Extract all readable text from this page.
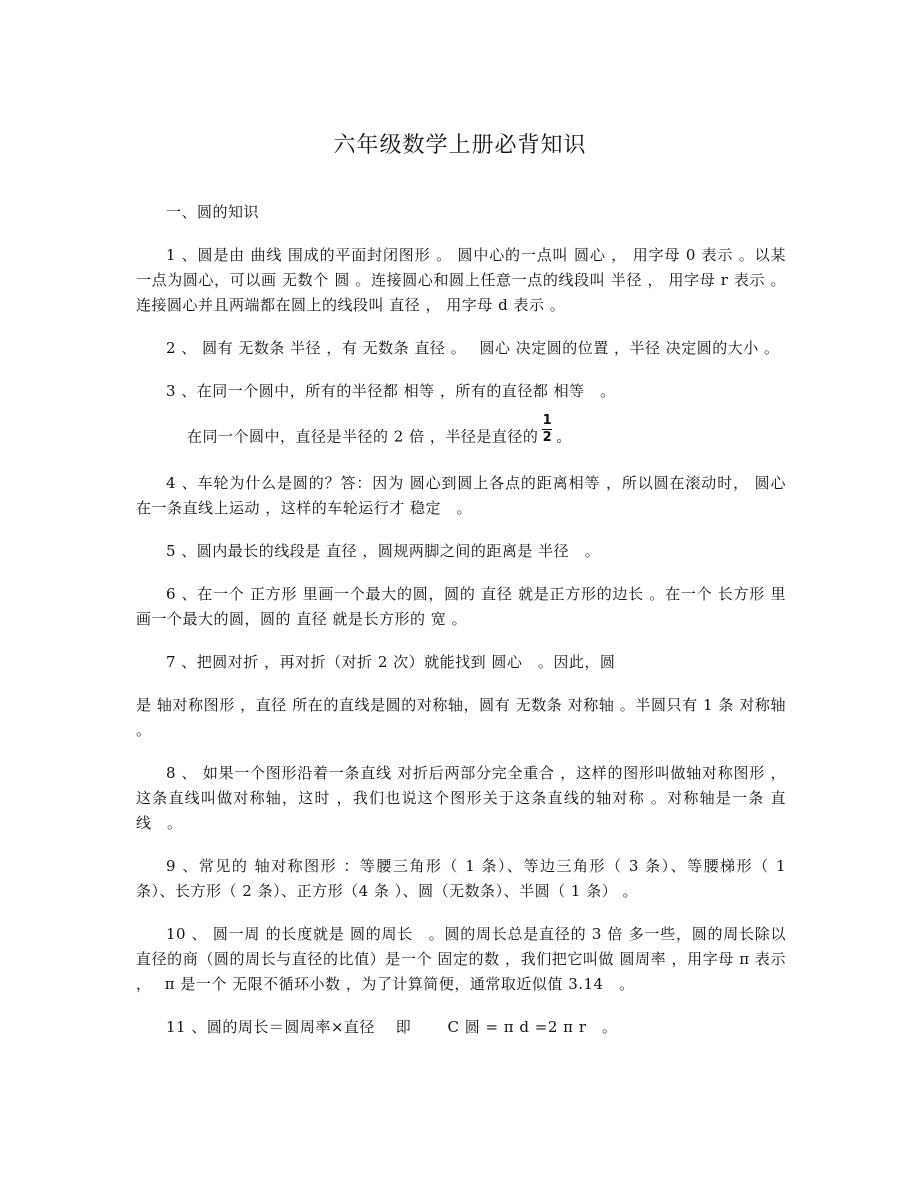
六年级数学上册必背知识

一、圆的知识

1 、圆是由 曲线 围成的平面封闭图形 。 圆中心的一点叫 圆心 ， 用字母 0 表示 。以某一点为圆心，可以画 无数个 圆 。连接圆心和圆上任意一点的线段叫 半径 ， 用字母 r 表示 。连接圆心并且两端都在圆上的线段叫 直径 ， 用字母 d 表示 。

2 、 圆有 无数条 半径 ，有 无数条 直径 。　 圆心 决定圆的位置 ，半径 决定圆的大小 。

3 、在同一个圆中，所有的半径都 相等 ，所有的直径都 相等　。

在同一个圆中，直径是半径的 2 倍 ，半径是直径的 $\frac{1}{2}$ 。

4 、车轮为什么是圆的？答：因为 圆心到圆上各点的距离相等 ，所以圆在滚动时， 圆心在一条直线上运动 ，这样的车轮运行才 稳定　。

5 、圆内最长的线段是 直径 ，圆规两脚之间的距离是 半径　。

6 、在一个 正方形 里画一个最大的圆，圆的 直径 就是正方形的边长 。在一个 长方形 里画一个最大的圆，圆的 直径 就是长方形的 宽 。

7 、把圆对折 ，再对折（对折 2 次）就能找到 圆心　。因此，圆

是 轴对称图形 ，直径 所在的直线是圆的对称轴，圆有 无数条 对称轴 。半圆只有 1 条 对称轴 。

8 、 如果一个图形沿着一条直线 对折后两部分完全重合 ，这样的图形叫做轴对称图形 ，这条直线叫做对称轴，这时 ，我们也说这个图形关于这条直线的轴对称 。对称轴是一条 直线　。

9 、常见的 轴对称图形 ：等腰三角形（ 1 条）、等边三角形（ 3 条）、等腰梯形（ 1 条）、长方形（ 2 条）、正方形（4 条 ）、圆（无数条）、半圆（ 1 条） 。

10 、 圆一周 的长度就是 圆的周长　。圆的周长总是直径的 3 倍 多一些，圆的周长除以直径的商（圆的周长与直径的比值）是一个 固定的数 ，我们把它叫做 圆周率 ，用字母 π 表示 ，　 π 是一个 无限不循环小数 ，为了计算简便，通常取近似值 3.14　。

11 、圆的周长＝圆周率×直径　 即　　 C 圆 = π d =2 π r　。
